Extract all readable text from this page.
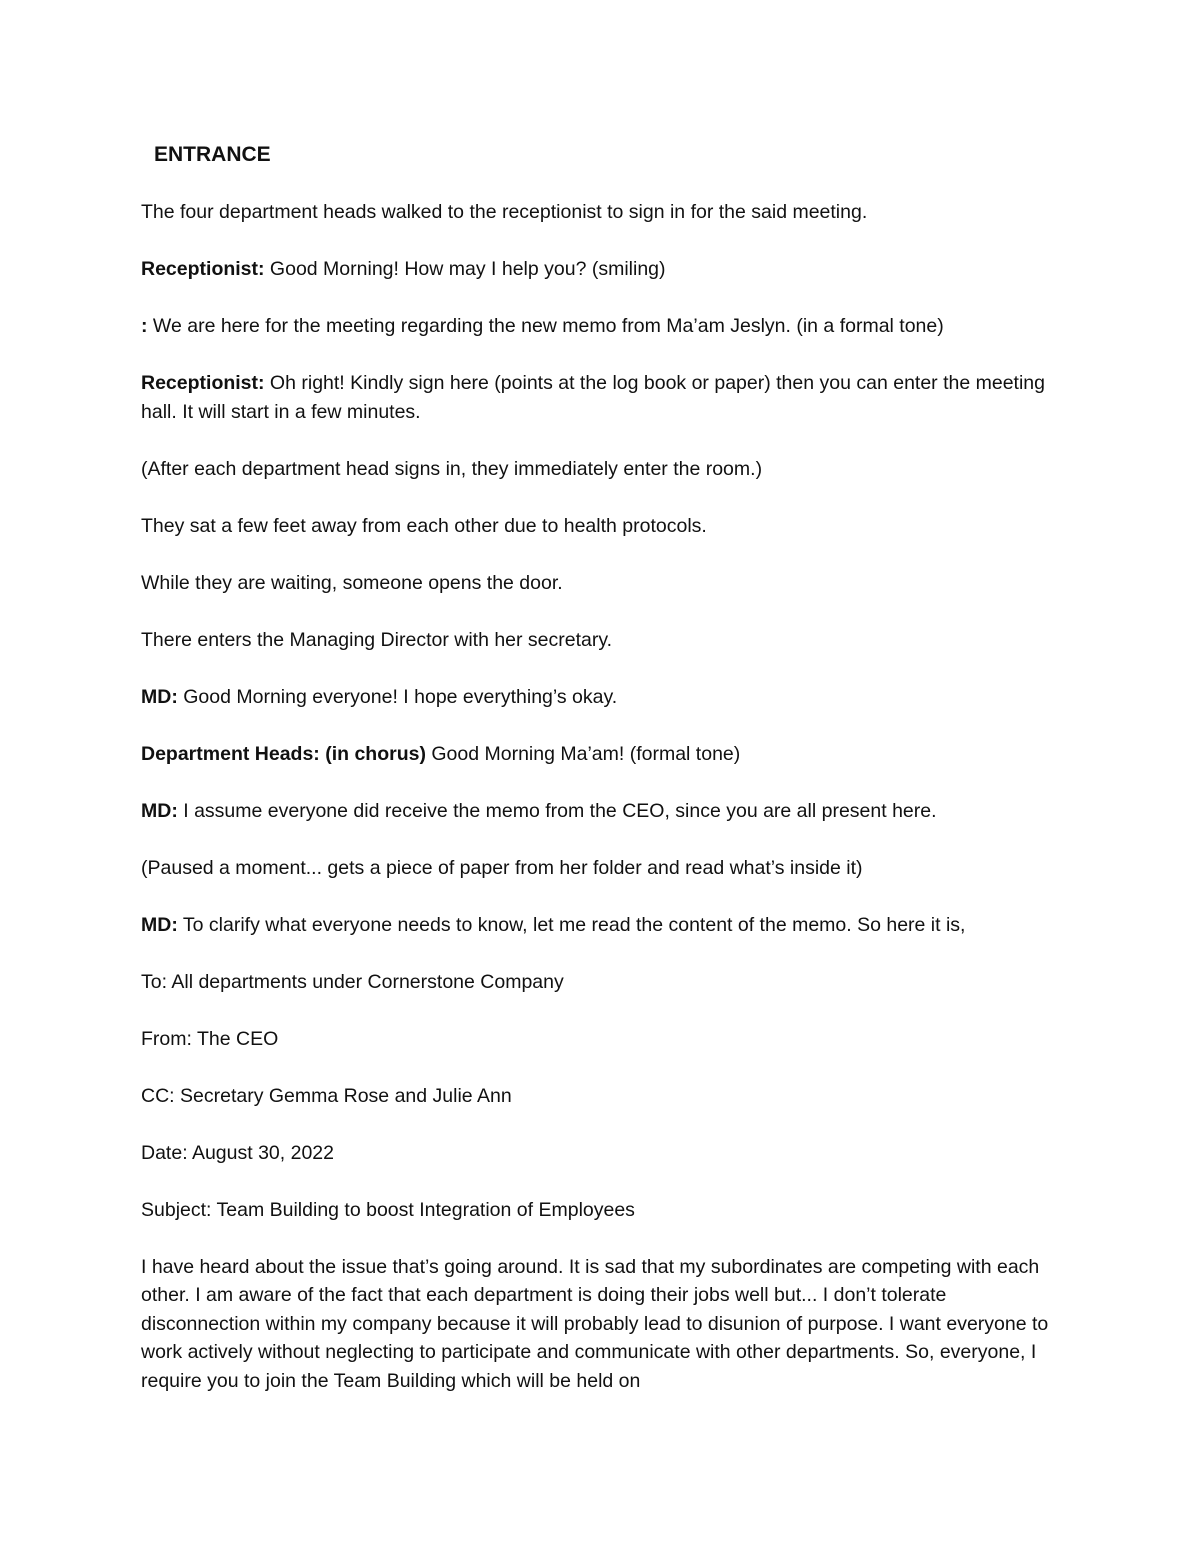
ENTRANCE

The four department heads walked to the receptionist to sign in for the said meeting.

Receptionist: Good Morning! How may I help you? (smiling)

: We are here for the meeting regarding the new memo from Ma’am Jeslyn. (in a formal tone)

Receptionist: Oh right! Kindly sign here (points at the log book or paper) then you can enter the meeting hall. It will start in a few minutes.

(After each department head signs in, they immediately enter the room.)

They sat a few feet away from each other due to health protocols.

While they are waiting, someone opens the door.

There enters the Managing Director with her secretary.

MD: Good Morning everyone! I hope everything’s okay.

Department Heads: (in chorus) Good Morning Ma’am! (formal tone)

MD: I assume everyone did receive the memo from the CEO, since you are all present here.

(Paused a moment... gets a piece of paper from her folder and read what’s inside it)

MD: To clarify what everyone needs to know, let me read the content of the memo. So here it is,

To: All departments under Cornerstone Company

From: The CEO

CC: Secretary Gemma Rose and Julie Ann

Date: August 30, 2022

Subject: Team Building to boost Integration of Employees

I have heard about the issue that’s going around. It is sad that my subordinates are competing with each other. I am aware of the fact that each department is doing their jobs well but... I don’t tolerate disconnection within my company because it will probably lead to disunion of purpose. I want everyone to work actively without neglecting to participate and communicate with other departments. So, everyone, I require you to join the Team Building which will be held on
